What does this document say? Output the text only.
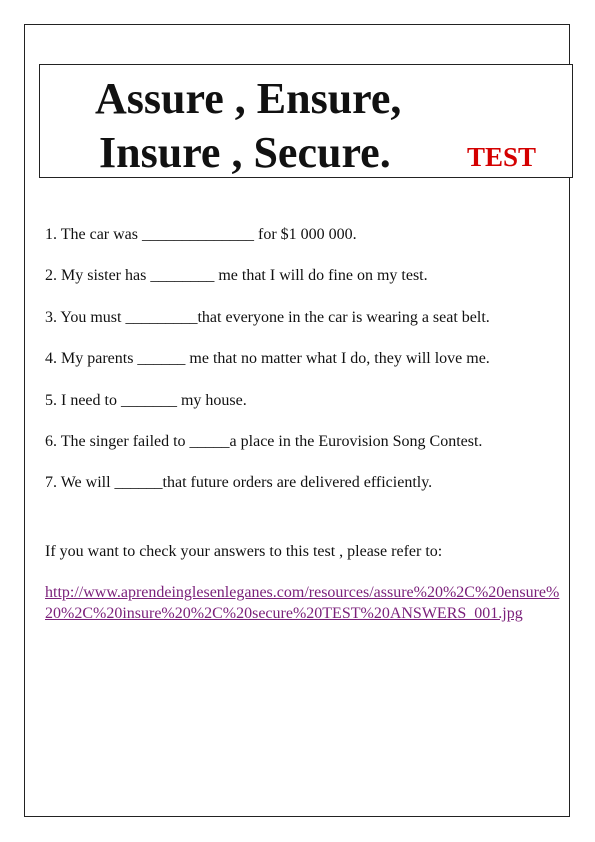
Assure , Ensure,
Insure , Secure.	TEST
1. The car was ______________ for $1 000 000.
2. My sister has ________ me that I will do fine on my test.
3. You must _________that everyone in the car is wearing a seat belt.
4. My parents ______ me that no matter what I do, they will love me.
5. I need to _______ my house.
6. The singer failed to _____a place in the Eurovision Song Contest.
7. We will ______that future orders are delivered efficiently.
If you want to check your answers to this test , please refer to:
http://www.aprendeinglesenleganes.com/resources/assure%20%2C%20ensure%20%2C%20insure%20%2C%20secure%20TEST%20ANSWERS_001.jpg
